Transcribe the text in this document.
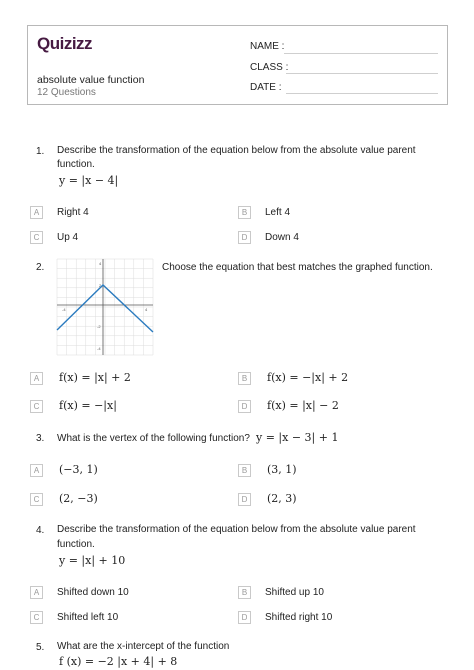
Quizizz
absolute value function
12 Questions
NAME :
CLASS :
DATE :
1. Describe the transformation of the equation below from the absolute value parent
function.
y = |x − 4|
A	Right 4	B	Left 4
C	Up 4	D	Down 4
2.	4
2
-2
-4
-4	4
Choose the equation that best matches the graphed function.
A	f(x) = |x| + 2	B	f(x) = −|x| + 2
C	f(x) = −|x|	D	f(x) = |x| − 2
3. What is the vertex of the following function? y = |x − 3| + 1
A	(−3, 1)	B	(3, 1)
C	(2, −3)	D	(2, 3)
4. Describe the transformation of the equation below from the absolute value parent
function.
y = |x| + 10
A	Shifted down 10	B	Shifted up 10
C	Shifted left 10	D	Shifted right 10
5. What are the x-intercept of the function
f (x) = −2 |x + 4| + 8
